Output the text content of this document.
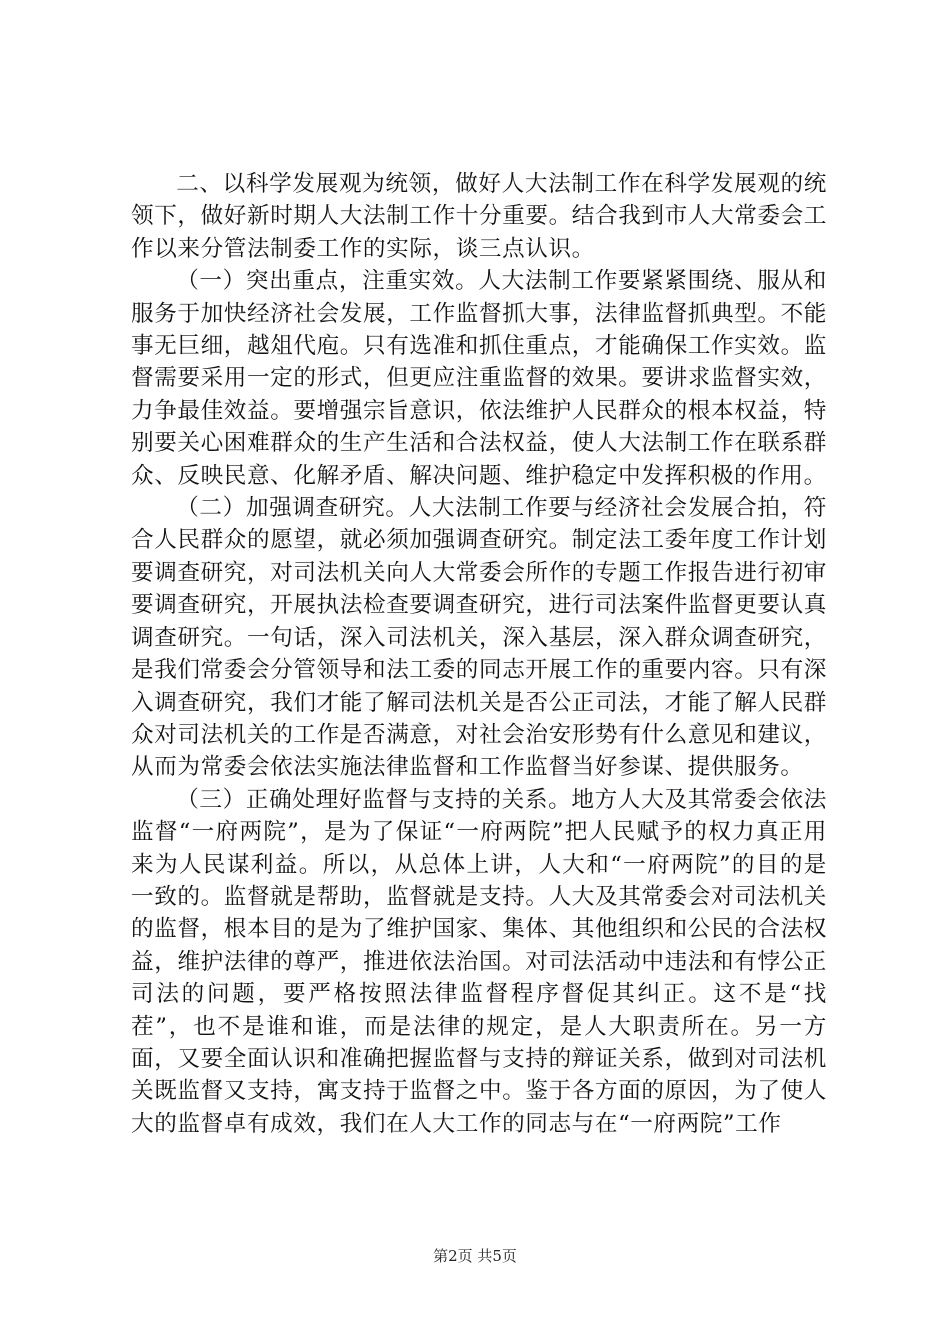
二、以科学发展观为统领，做好人大法制工作在科学发展观的统领下，做好新时期人大法制工作十分重要。结合我到市人大常委会工作以来分管法制委工作的实际，谈三点认识。

（一）突出重点，注重实效。人大法制工作要紧紧围绕、服从和服务于加快经济社会发展，工作监督抓大事，法律监督抓典型。不能事无巨细，越俎代庖。只有选准和抓住重点，才能确保工作实效。监督需要采用一定的形式，但更应注重监督的效果。要讲求监督实效，力争最佳效益。要增强宗旨意识，依法维护人民群众的根本权益，特别要关心困难群众的生产生活和合法权益，使人大法制工作在联系群众、反映民意、化解矛盾、解决问题、维护稳定中发挥积极的作用。

（二）加强调查研究。人大法制工作要与经济社会发展合拍，符合人民群众的愿望，就必须加强调查研究。制定法工委年度工作计划要调查研究，对司法机关向人大常委会所作的专题工作报告进行初审要调查研究，开展执法检查要调查研究，进行司法案件监督更要认真调查研究。一句话，深入司法机关，深入基层，深入群众调查研究，是我们常委会分管领导和法工委的同志开展工作的重要内容。只有深入调查研究，我们才能了解司法机关是否公正司法，才能了解人民群众对司法机关的工作是否满意，对社会治安形势有什么意见和建议，从而为常委会依法实施法律监督和工作监督当好参谋、提供服务。

（三）正确处理好监督与支持的关系。地方人大及其常委会依法监督“一府两院”，是为了保证“一府两院”把人民赋予的权力真正用来为人民谋利益。所以，从总体上讲，人大和“一府两院”的目的是一致的。监督就是帮助，监督就是支持。人大及其常委会对司法机关的监督，根本目的是为了维护国家、集体、其他组织和公民的合法权益，维护法律的尊严，推进依法治国。对司法活动中违法和有悖公正司法的问题，要严格按照法律监督程序督促其纠正。这不是“找茬”，也不是谁和谁，而是法律的规定，是人大职责所在。另一方面，又要全面认识和准确把握监督与支持的辩证关系，做到对司法机关既监督又支持，寓支持于监督之中。鉴于各方面的原因，为了使人大的监督卓有成效，我们在人大工作的同志与在“一府两院”工作

第2页 共5页
